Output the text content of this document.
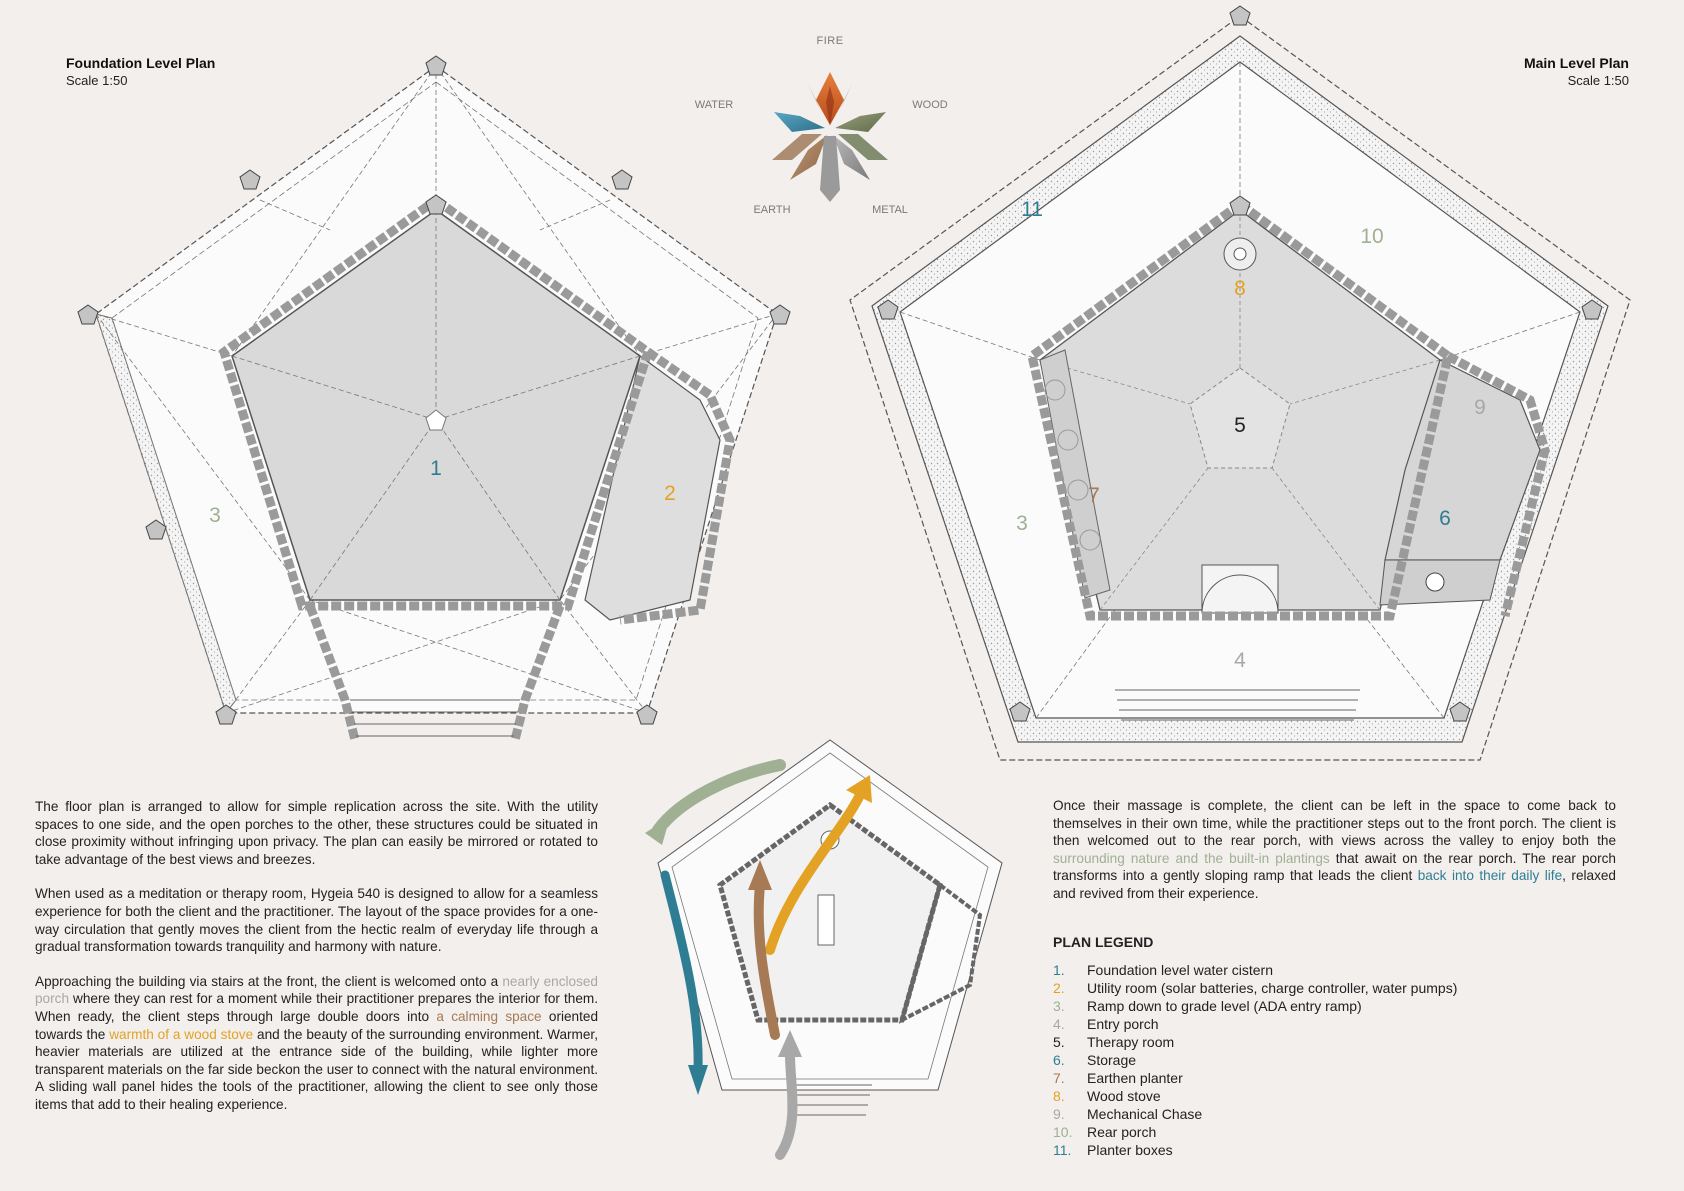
Foundation Level Plan
Scale 1:50
Main Level Plan
Scale 1:50
FIRE
WOOD
METAL
EARTH
WATER
1
2
3
8
5
7
3	6
9
4
10
11

The floor plan is arranged to allow for simple replication across the site. With the utility spaces to one side, and the open porches to the other, these structures could be situated in close proximity without infringing upon privacy. The plan can easily be mirrored or rotated to take advantage of the best views and breezes.

When used as a meditation or therapy room, Hygeia 540 is designed to allow for a seamless experience for both the client and the practitioner. The layout of the space provides for a one-way circulation that gently moves the client from the hectic realm of everyday life through a gradual transformation towards tranquility and harmony with nature.

Approaching the building via stairs at the front, the client is welcomed onto a nearly enclosed porch where they can rest for a moment while their practitioner prepares the interior for them. When ready, the client steps through large double doors into a calming space oriented towards the warmth of a wood stove and the beauty of the surrounding environment. Warmer, heavier materials are utilized at the entrance side of the building, while lighter more transparent materials on the far side beckon the user to connect with the natural environment. A sliding wall panel hides the tools of the practitioner, allowing the client to see only those items that add to their healing experience.

Once their massage is complete, the client can be left in the space to come back to themselves in their own time, while the practitioner steps out to the front porch. The client is then welcomed out to the rear porch, with views across the valley to enjoy both the surrounding nature and the built-in plantings that await on the rear porch. The rear porch transforms into a gently sloping ramp that leads the client back into their daily life, relaxed and revived from their experience.

PLAN LEGEND
1. Foundation level water cistern
2. Utility room (solar batteries, charge controller, water pumps)
3. Ramp down to grade level (ADA entry ramp)
4. Entry porch
5. Therapy room
6. Storage
7. Earthen planter
8. Wood stove
9. Mechanical Chase
10. Rear porch
11. Planter boxes
